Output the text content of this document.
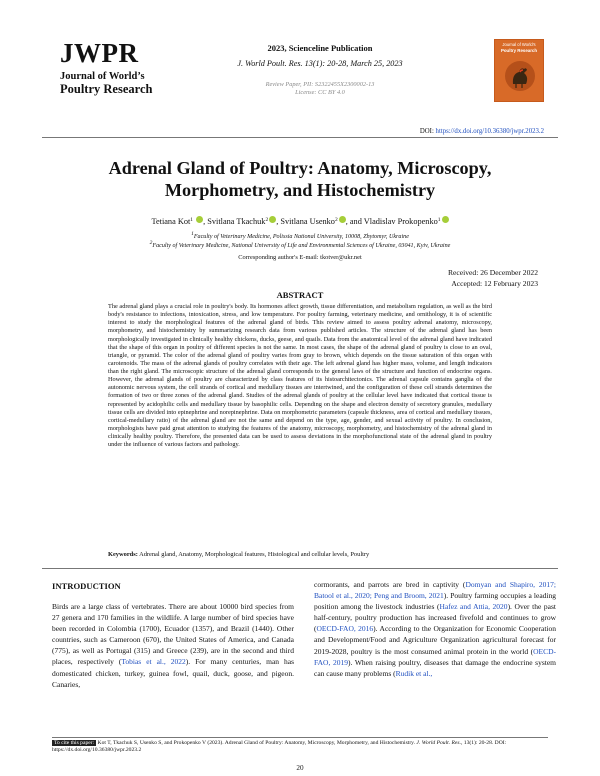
JWPR
Journal of World’s
Poultry Research
2023, Scienceline Publication
J. World Poult. Res. 13(1): 20-28, March 25, 2023
Review Paper, PII: S2322455X2300002-13
License: CC BY 4.0
Journal of World's
Poultry Research
DOI: https://dx.doi.org/10.36380/jwpr.2023.2
Adrenal Gland of Poultry: Anatomy, Microscopy, Morphometry, and Histochemistry
Tetiana Kot$^1$ , Svitlana Tkachuk$^2$ , Svitlana Usenko$^2$ , and Vladislav Prokopenko$^1$
1Faculty of Veterinary Medicine, Polissia National University, 10008, Zhytomyr, Ukraine
2Faculty of Veterinary Medicine, National University of Life and Environmental Sciences of Ukraine, 03041, Kyiv, Ukraine
Corresponding author's E-mail: tkotver@ukr.net
Received: 26 December 2022
Accepted: 12 February 2023
ABSTRACT

The adrenal gland plays a crucial role in poultry's body. Its hormones affect growth, tissue differentiation, and metabolism regulation, as well as the bird body's resistance to infections, intoxication, stress, and low temperature. For poultry farming, veterinary medicine, and ornithology, it is of scientific interest to study the morphological features of the adrenal gland of birds. This review aimed to assess poultry adrenal anatomy, microscopy, morphometry, and histochemistry by summarizing research data from various published articles. The structure of the adrenal gland has been morphologically investigated in clinically healthy chickens, ducks, geese, and quails. Data from the anatomical level of the adrenal gland have indicated that the shape of this organ in poultry of different species is not the same. In most cases, the shape of the adrenal gland of poultry is close to an oval, triangle, or pyramid. The color of the adrenal gland of poultry varies from gray to brown, which depends on the tissue saturation of this organ with carotenoids. The mass of the adrenal glands of poultry correlates with their age. The left adrenal gland has higher mass, volume, and length indicators than the right gland. The microscopic structure of the adrenal gland corresponds to the general laws of the structure and function of endocrine organs. However, the adrenal glands of poultry are characterized by class features of its histoarchitectonics. The adrenal capsule contains ganglia of the autonomic nervous system, the cell strands of cortical and medullary tissues are intertwined, and the configuration of these cell strands determines the formation of two or three zones of the adrenal gland. Studies of the adrenal glands of poultry at the cellular level have indicated that cortical tissue is represented by acidophilic cells and medullary tissue by basophilic cells. Depending on the shape and electron density of secretory granules, medullary tissue cells are divided into epinephrine and norepinephrine. Data on morphometric parameters (capsule thickness, area of cortical and medullary tissues, cortical-medullary ratio) of the adrenal gland are not the same and depend on the type, age, gender, and sexual activity of poultry. In conclusion, morphologists have paid great attention to studying the features of the anatomy, microscopy, morphometry, and histochemistry of the adrenal gland in clinically healthy poultry. Therefore, the presented data can be used to assess deviations in the morphofunctional state of the adrenal gland in poultry under the influence of various factors and pathology.

Keywords: Adrenal gland, Anatomy, Morphological features, Histological and cellular levels, Poultry
INTRODUCTION

Birds are a large class of vertebrates. There are about 10000 bird species from 27 genera and 170 families in the wildlife. A large number of bird species have been recorded in Colombia (1700), Ecuador (1357), and Brazil (1440). Other countries, such as Cameroon (670), the United States of America, and Canada (775), as well as Portugal (315) and Greece (239), are in the second and third places, respectively (Tobias et al., 2022). For many centuries, man has domesticated chicken, turkey, guinea fowl, quail, duck, goose, and pigeon. Canaries,

cormorants, and parrots are bred in captivity (Domyan and Shapiro, 2017; Batool et al., 2020; Peng and Broom, 2021). Poultry farming occupies a leading position among the livestock industries (Hafez and Attia, 2020). Over the past half-century, poultry production has increased fivefold and continues to grow (OECD-FAO, 2016). According to the Organization for Economic Cooperation and Development/Food and Agriculture Organization agricultural forecast for 2019-2028, poultry is the most consumed animal protein in the world (OECD-FAO, 2019). When raising poultry, diseases that damage the endocrine system can cause many problems (Rudik et al.,

To cite this paper: Kot T, Tkachuk S, Usenko S, and Prokopenko V (2023). Adrenal Gland of Poultry: Anatomy, Microscopy, Morphometry, and Histochemistry. J. World Poult. Res., 13(1): 20-28. DOI: https://dx.doi.org/10.36380/jwpr.2023.2
20
